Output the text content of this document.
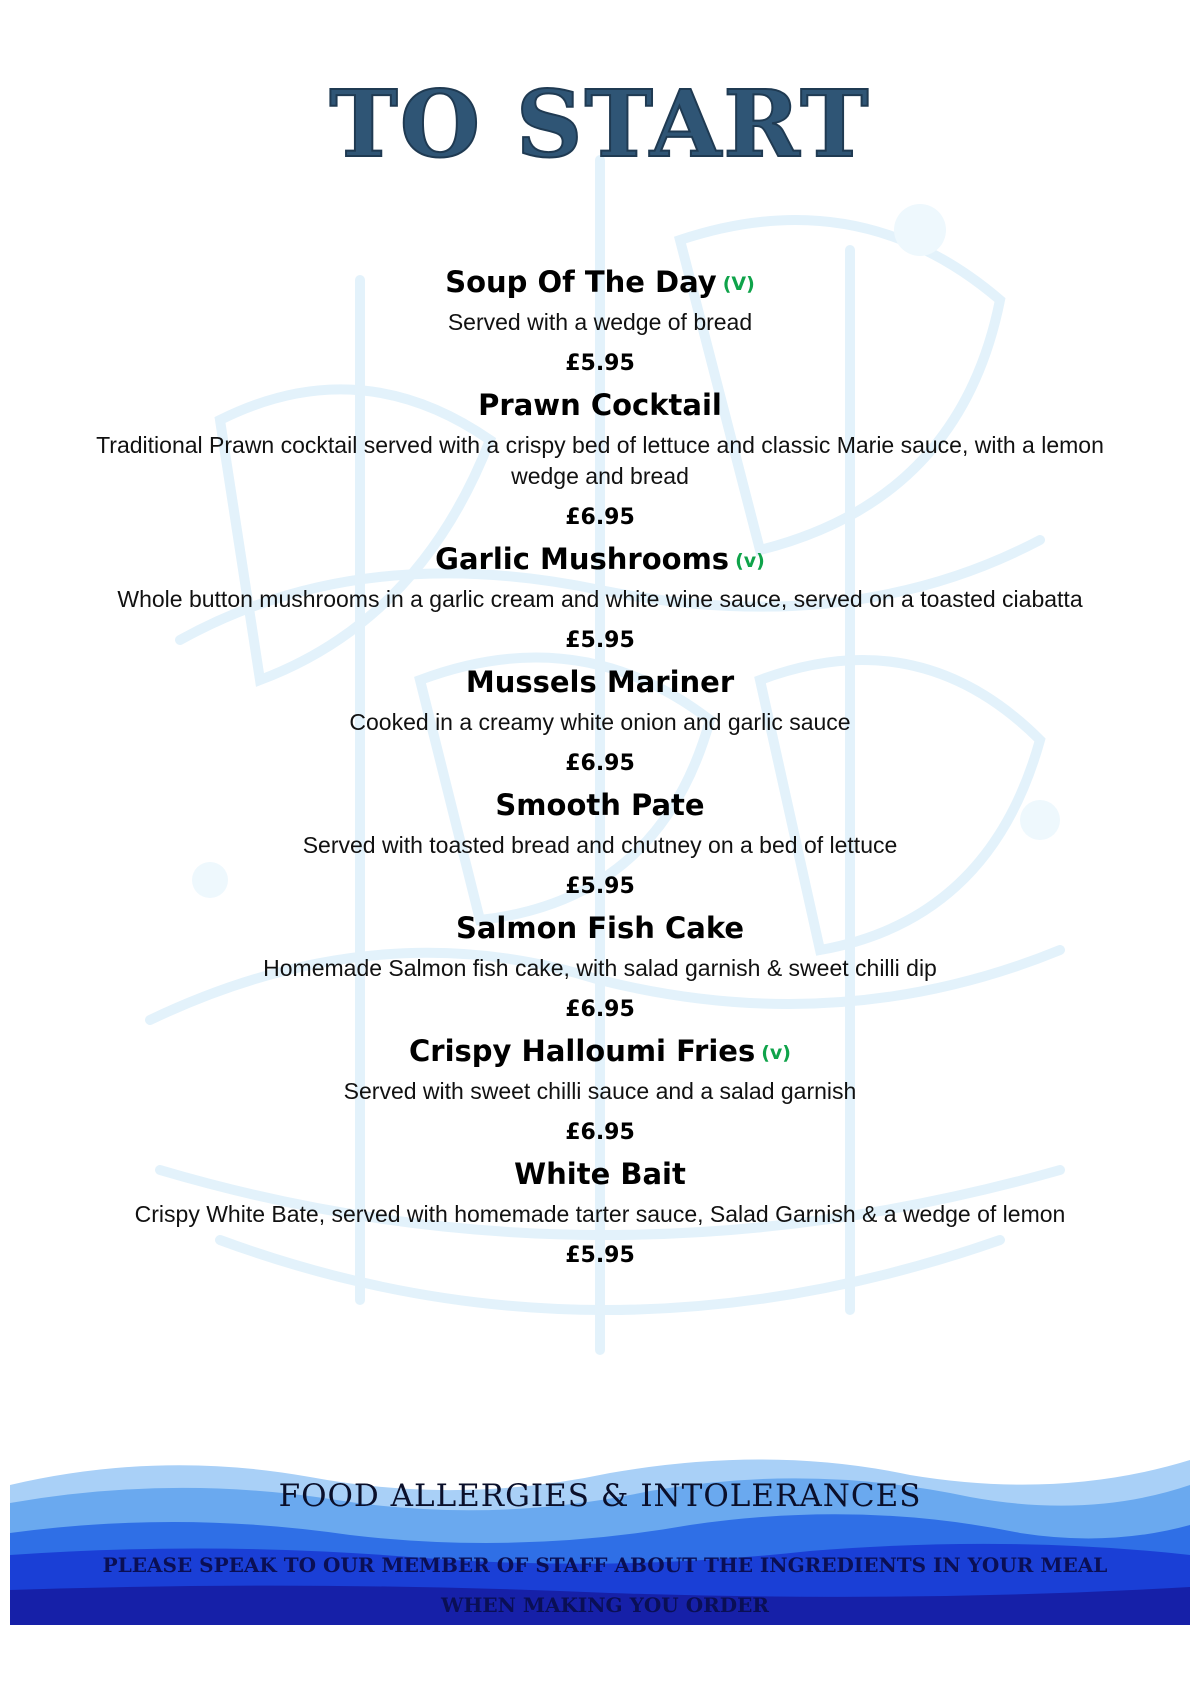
TO START
Soup Of The Day (V)
Served with a wedge of bread
£5.95
Prawn Cocktail
Traditional Prawn cocktail served with a crispy bed of lettuce and classic Marie sauce, with a lemon wedge and bread
£6.95
Garlic Mushrooms (v)
Whole button mushrooms in a garlic cream and white wine sauce, served on a toasted ciabatta
£5.95
Mussels Mariner
Cooked in a creamy white onion and garlic sauce
£6.95
Smooth Pate
Served with toasted bread and chutney on a bed of lettuce
£5.95
Salmon Fish Cake
Homemade Salmon fish cake, with salad garnish & sweet chilli dip
£6.95
Crispy Halloumi Fries (v)
Served with sweet chilli sauce and a salad garnish
£6.95
White Bait
Crispy White Bate, served with homemade tarter sauce, Salad Garnish & a wedge of lemon
£5.95
FOOD ALLERGIES & INTOLERANCES
PLEASE SPEAK TO OUR MEMBER OF STAFF ABOUT THE INGREDIENTS IN YOUR MEAL WHEN MAKING YOU ORDER
